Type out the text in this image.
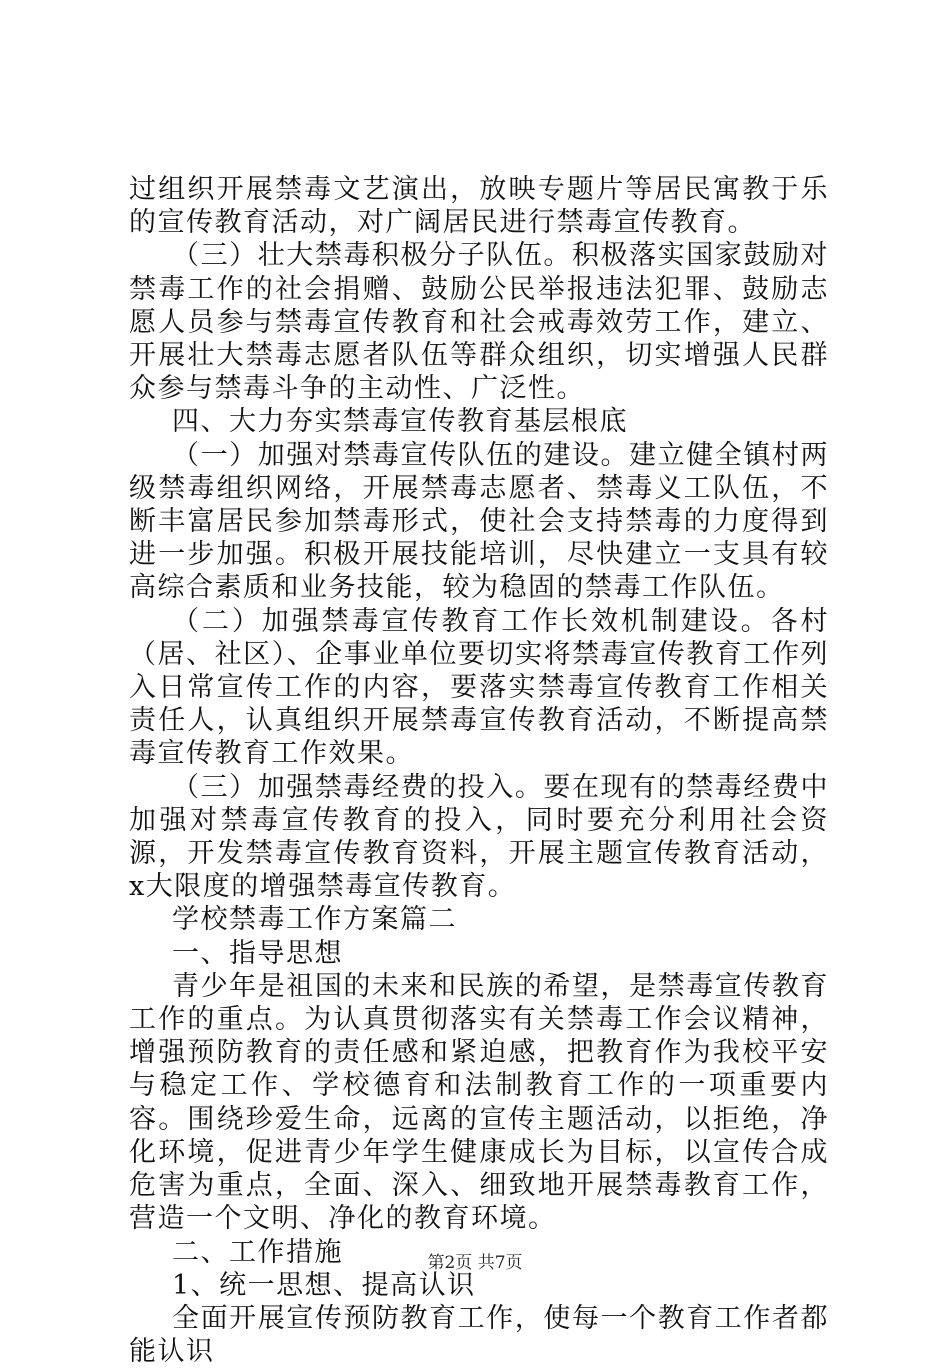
过组织开展禁毒文艺演出，放映专题片等居民寓教于乐的宣传教育活动，对广阔居民进行禁毒宣传教育。

（三）壮大禁毒积极分子队伍。积极落实国家鼓励对禁毒工作的社会捐赠、鼓励公民举报违法犯罪、鼓励志愿人员参与禁毒宣传教育和社会戒毒效劳工作，建立、开展壮大禁毒志愿者队伍等群众组织，切实增强人民群众参与禁毒斗争的主动性、广泛性。

四、大力夯实禁毒宣传教育基层根底

（一）加强对禁毒宣传队伍的建设。建立健全镇村两级禁毒组织网络，开展禁毒志愿者、禁毒义工队伍，不断丰富居民参加禁毒形式，使社会支持禁毒的力度得到进一步加强。积极开展技能培训，尽快建立一支具有较高综合素质和业务技能，较为稳固的禁毒工作队伍。

（二）加强禁毒宣传教育工作长效机制建设。各村（居、社区）、企事业单位要切实将禁毒宣传教育工作列入日常宣传工作的内容，要落实禁毒宣传教育工作相关责任人，认真组织开展禁毒宣传教育活动，不断提高禁毒宣传教育工作效果。

（三）加强禁毒经费的投入。要在现有的禁毒经费中加强对禁毒宣传教育的投入，同时要充分利用社会资源，开发禁毒宣传教育资料，开展主题宣传教育活动，x大限度的增强禁毒宣传教育。

学校禁毒工作方案篇二

一、指导思想

青少年是祖国的未来和民族的希望，是禁毒宣传教育工作的重点。为认真贯彻落实有关禁毒工作会议精神，增强预防教育的责任感和紧迫感，把教育作为我校平安与稳定工作、学校德育和法制教育工作的一项重要内容。围绕珍爱生命，远离的宣传主题活动，以拒绝，净化环境，促进青少年学生健康成长为目标，以宣传合成危害为重点，全面、深入、细致地开展禁毒教育工作，营造一个文明、净化的教育环境。

二、工作措施

1、统一思想、提高认识

全面开展宣传预防教育工作，使每一个教育工作者都能认识

第2页 共7页
